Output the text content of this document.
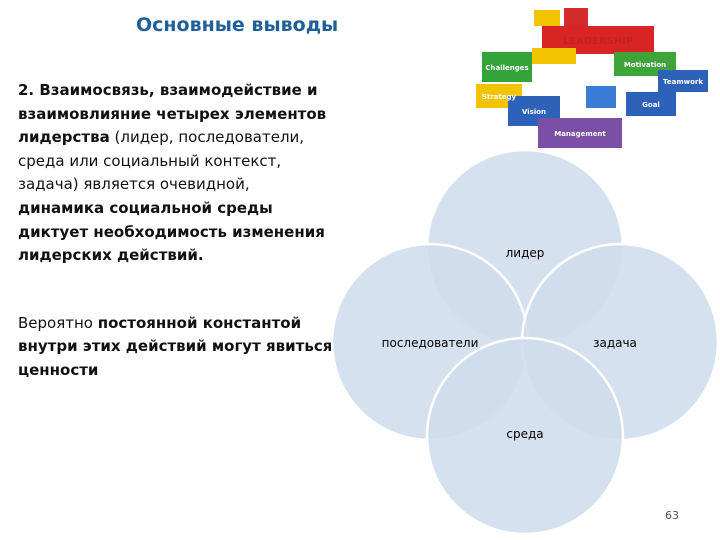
Основные выводы

2. Взаимосвязь, взаимодействие и взаимовлияние четырех элементов лидерства (лидер, последователи, среда или социальный контекст, задача) является очевидной, динамика социальной среды диктует необходимость изменения лидерских действий.

Вероятно постоянной константой внутри этих действий могут явиться ценности

лидер
последователи	задача
среда
LEADERSHIP
Challenges	Motivation
Teamwork
Strategy
Vision
Goal
Management
63
